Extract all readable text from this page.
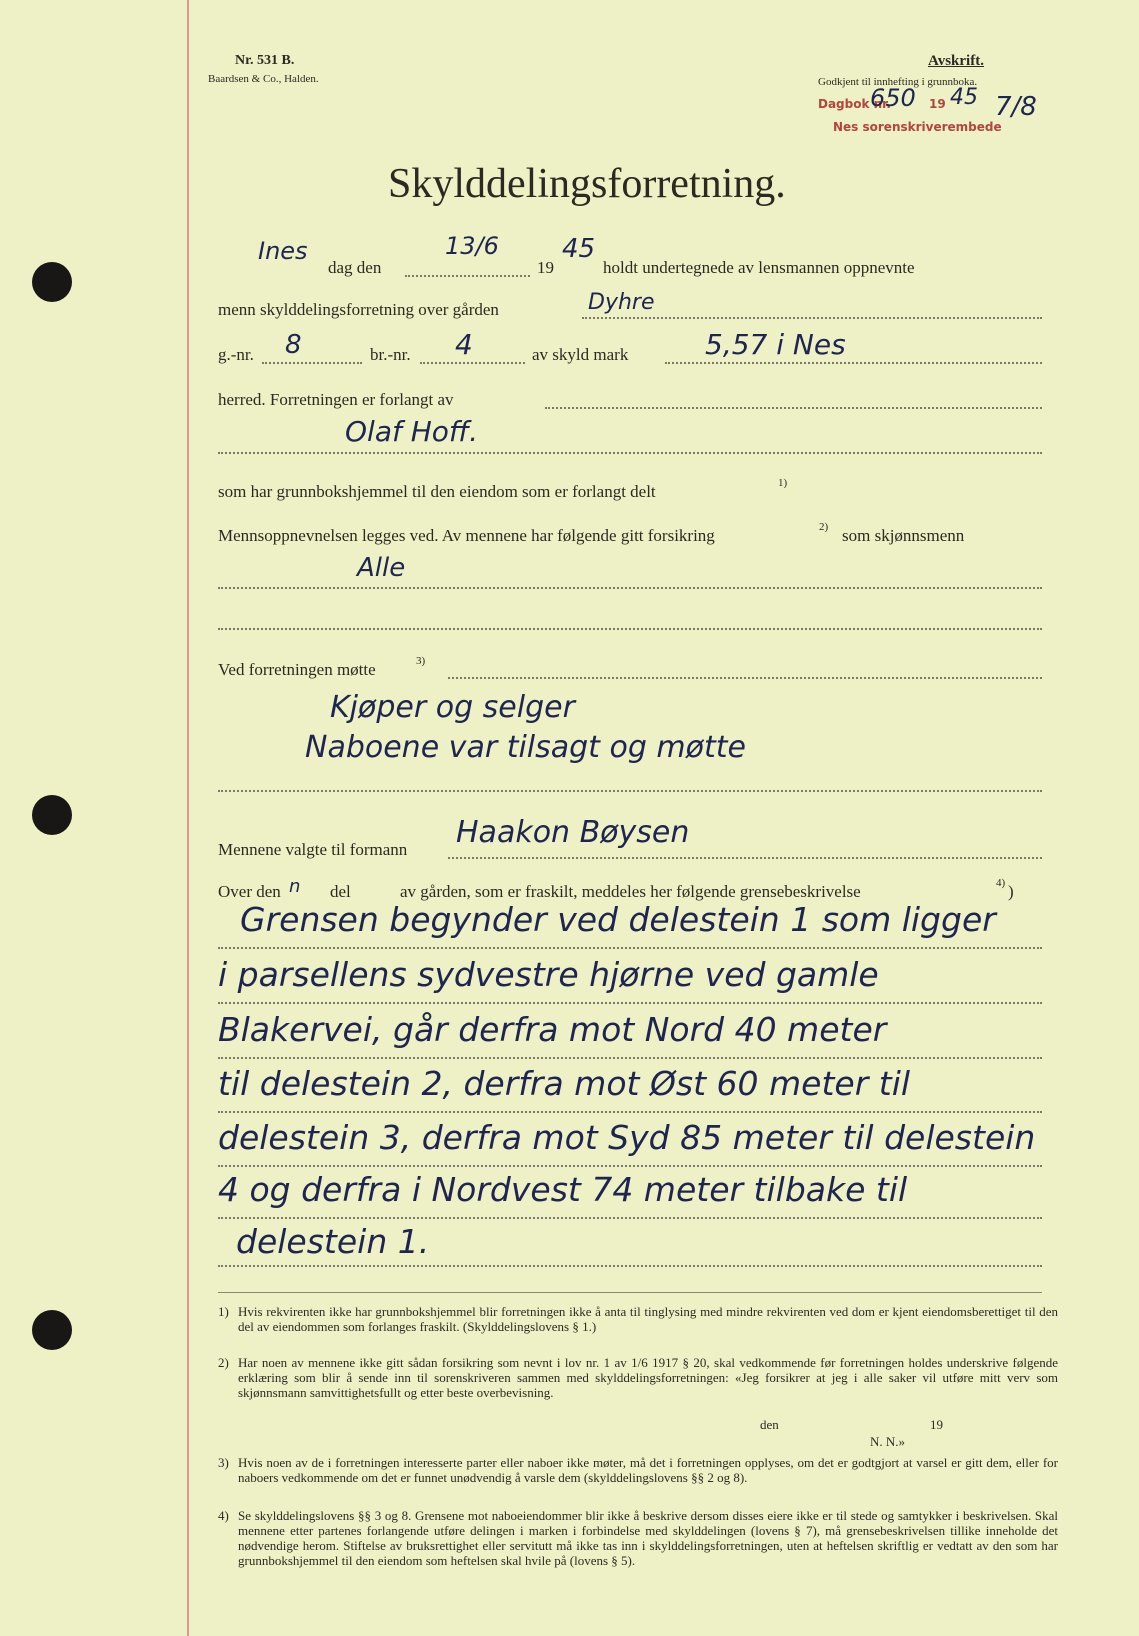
Nr. 531 B.
Baardsen & Co., Halden.
Avskrift.
Godkjent til innhefting i grunnboka.
Dagbok nr.
Nes sorenskriverembede
650 19 45 7/8
Skylddelingsforretning.
Ines
dag den
13/6
19
45
holdt undertegnede av lensmannen oppnevnte
menn skylddelingsforretning over gården	Dyhre
g.-nr. 8	br.-nr. 4	av skyld mark	5,57 i Nes
herred. Forretningen er forlangt av
Olaf Hoff.
som har grunnbokshjemmel til den eiendom som er forlangt delt	1)
Mennsoppnevnelsen legges ved. Av mennene har følgende gitt forsikring	2) som skjønnsmenn
Alle
Ved forretningen møtte	3)
Kjøper og selger
Naboene var tilsagt og møtte
Mennene valgte til formann Haakon Bøysen
Over den n del	av gården, som er fraskilt, meddeles her følgende grensebeskrivelse	4) )
Grensen begynder ved delestein 1 som ligger
i parsellens sydvestre hjørne ved gamle
Blakervei, går derfra mot Nord 40 meter
til delestein 2, derfra mot Øst 60 meter til
delestein 3, derfra mot Syd 85 meter til delestein
4 og derfra i Nordvest 74 meter tilbake til
delestein 1.
1) Hvis rekvirenten ikke har grunnbokshjemmel blir forretningen ikke å anta til tinglysing med mindre rekvirenten ved dom er kjent eiendomsberettiget til den del av eiendommen som forlanges fraskilt. (Skylddelingslovens § 1.)
2) Har noen av mennene ikke gitt sådan forsikring som nevnt i lov nr. 1 av 1/6 1917 § 20, skal vedkommende før forretningen holdes underskrive følgende erklæring som blir å sende inn til sorenskriveren sammen med skylddelingsforretningen: «Jeg forsikrer at jeg i alle saker vil utføre mitt verv som skjønnsmann samvittighetsfullt og etter beste overbevisning.
den	19
N. N.»
3) Hvis noen av de i forretningen interesserte parter eller naboer ikke møter, må det i forretningen opplyses, om det er godtgjort at varsel er gitt dem, eller for naboers vedkommende om det er funnet unødvendig å varsle dem (skylddelingslovens §§ 2 og 8).
4) Se skylddelingslovens §§ 3 og 8. Grensene mot naboeiendommer blir ikke å beskrive dersom disses eiere ikke er til stede og samtykker i beskrivelsen. Skal mennene etter partenes forlangende utføre delingen i marken i forbindelse med skylddelingen (lovens § 7), må grensebeskrivelsen tillike inneholde det nødvendige herom. Stiftelse av bruksrettighet eller servitutt må ikke tas inn i skylddelingsforretningen, uten at heftelsen skriftlig er vedtatt av den som har grunnbokshjemmel til den eiendom som heftelsen skal hvile på (lovens § 5).
